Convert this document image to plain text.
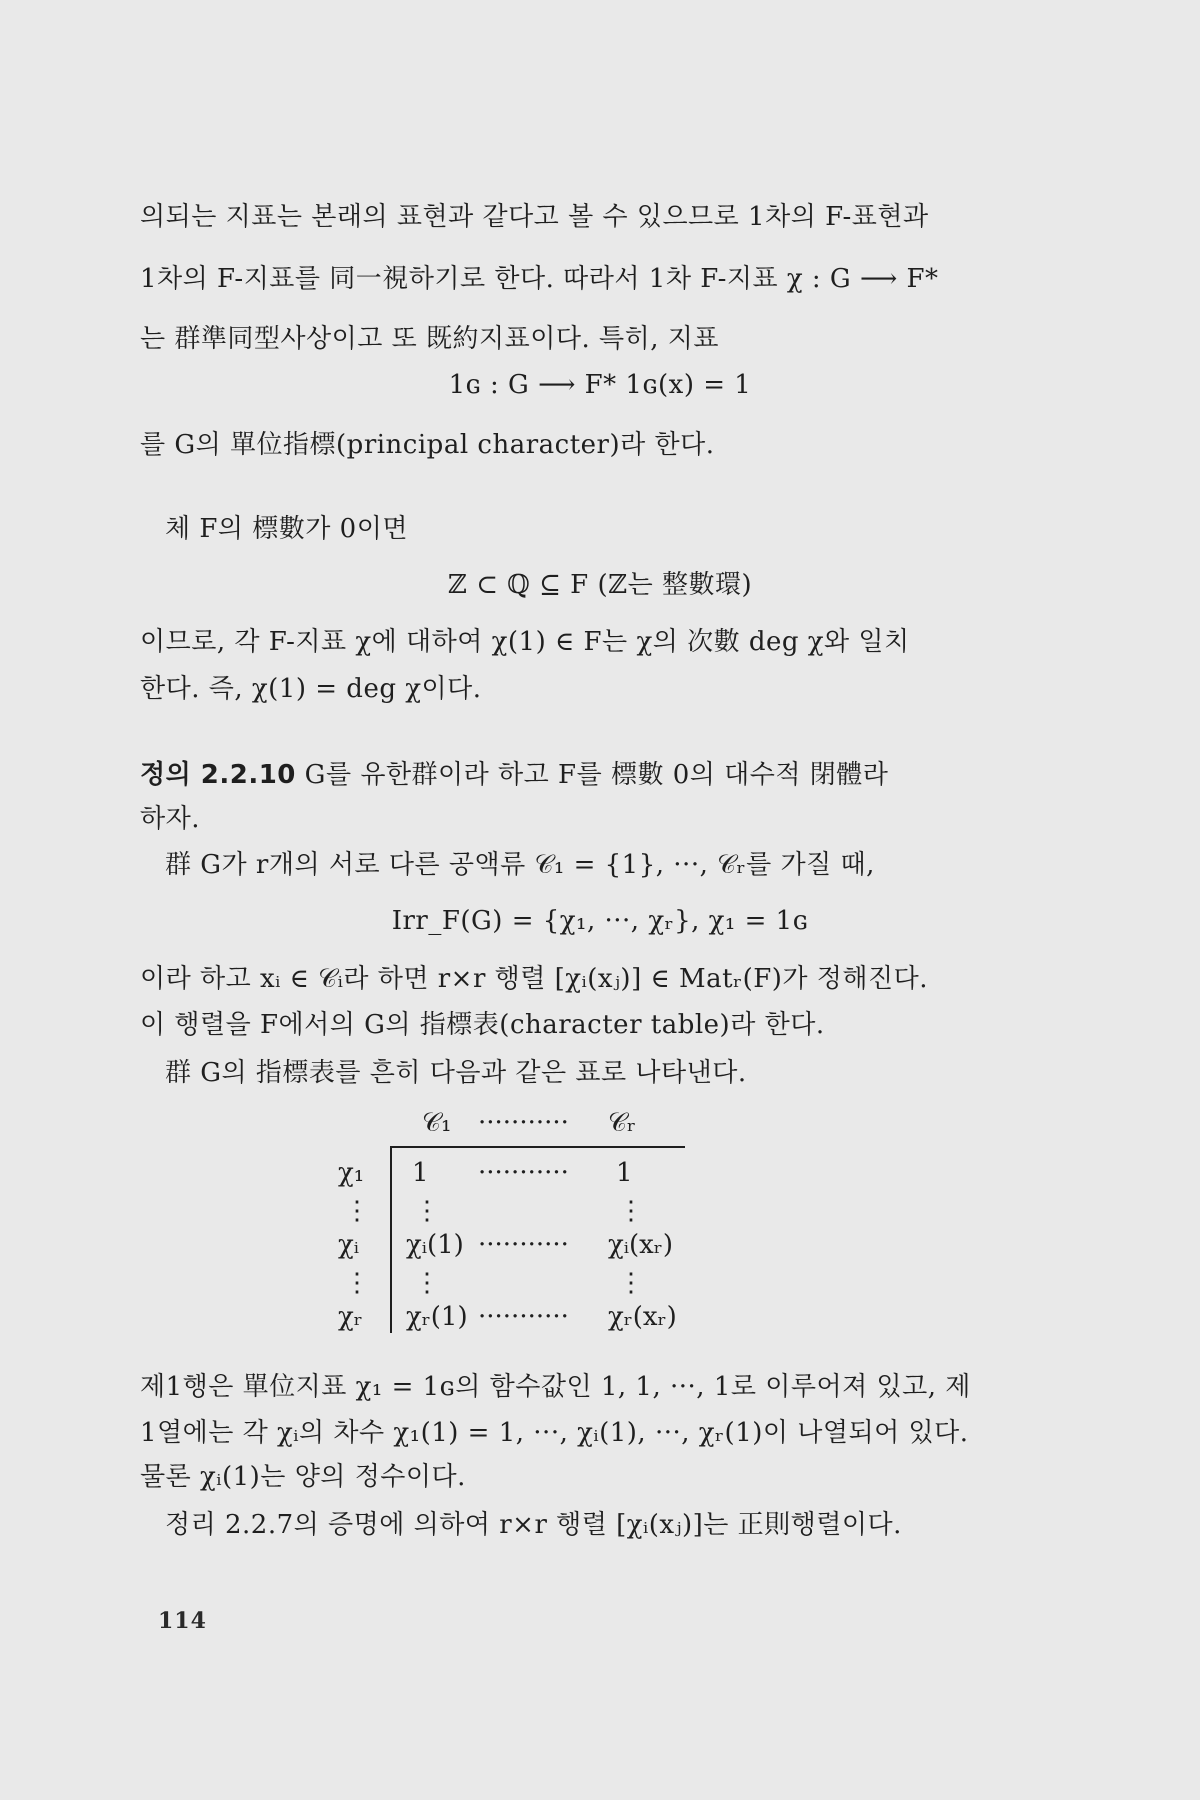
의되는 지표는 본래의 표현과 같다고 볼 수 있으므로 1차의 F-표현과
1차의 F-지표를 同一視하기로 한다. 따라서 1차 F-지표 χ : G ⟶ F*
는 群準同型사상이고 또 既約지표이다. 특히, 지표
1ɢ : G ⟶ F* 1ɢ(x) = 1
를 G의 單位指標(principal character)라 한다.
체 F의 標數가 0이면
ℤ ⊂ ℚ ⊆ F (ℤ는 整數環)
이므로, 각 F-지표 χ에 대하여 χ(1) ∈ F는 χ의 次數 deg χ와 일치
한다. 즉, χ(1) = deg χ이다.
정의 2.2.10 G를 유한群이라 하고 F를 標數 0의 대수적 閉體라
하자.
群 G가 r개의 서로 다른 공액류 𝒞₁ = {1}, ···, 𝒞ᵣ를 가질 때,
Irr_F(G) = {χ₁, ···, χᵣ}, χ₁ = 1ɢ
이라 하고 xᵢ ∈ 𝒞ᵢ라 하면 r×r 행렬 [χᵢ(xⱼ)] ∈ Matᵣ(F)가 정해진다.
이 행렬을 F에서의 G의 指標表(character table)라 한다.
群 G의 指標表를 흔히 다음과 같은 표로 나타낸다.
𝒞₁ ··········· 𝒞ᵣ
χ₁
⋮
χᵢ
⋮
χᵣ
1 ··········· 1
⋮	⋮
χᵢ(1) ··········· χᵢ(xᵣ)
⋮	⋮
χᵣ(1) ··········· χᵣ(xᵣ)
제1행은 單位지표 χ₁ = 1ɢ의 함수값인 1, 1, ···, 1로 이루어져 있고, 제
1열에는 각 χᵢ의 차수 χ₁(1) = 1, ···, χᵢ(1), ···, χᵣ(1)이 나열되어 있다.
물론 χᵢ(1)는 양의 정수이다.
정리 2.2.7의 증명에 의하여 r×r 행렬 [χᵢ(xⱼ)]는 正則행렬이다.
114
